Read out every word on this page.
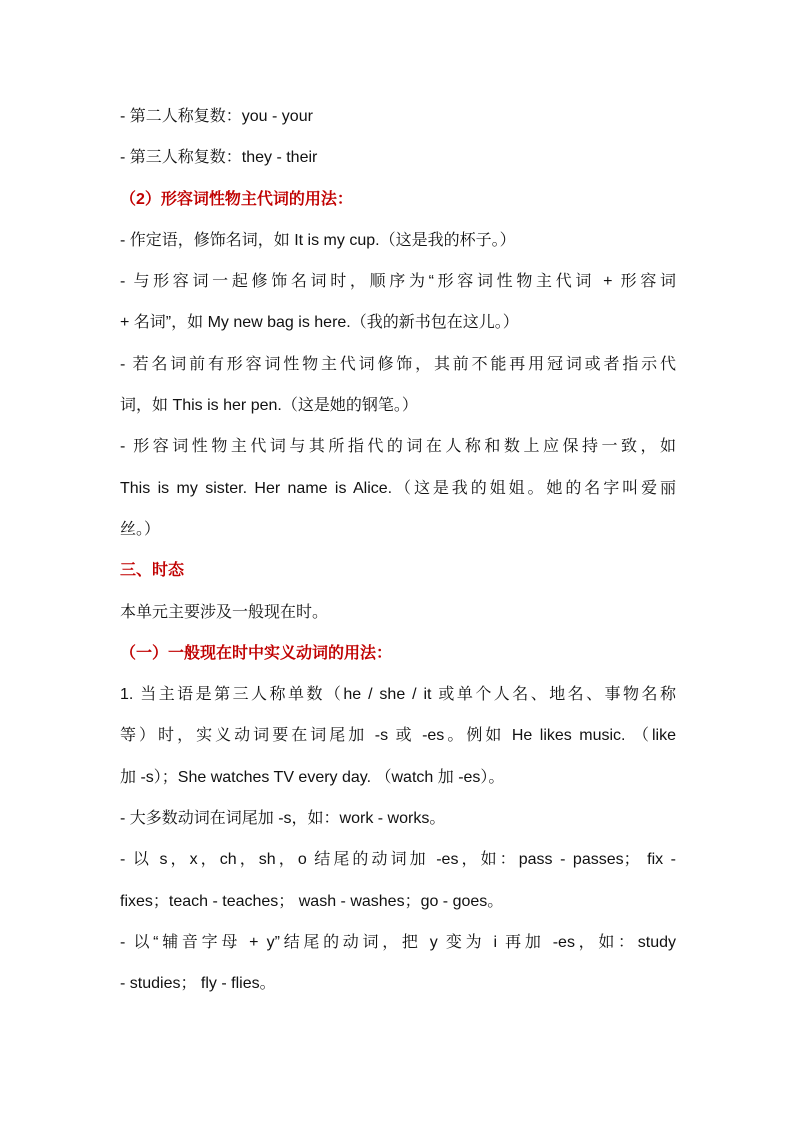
- 第二人称复数：you - your
- 第三人称复数：they - their
（2）形容词性物主代词的用法：
- 作定语，修饰名词，如 It is my cup.（这是我的杯子。）
- 与形容词一起修饰名词时，顺序为“形容词性物主代词 + 形容词
+ 名词”，如 My new bag is here.（我的新书包在这儿。）
- 若名词前有形容词性物主代词修饰，其前不能再用冠词或者指示代
词，如 This is her pen.（这是她的钢笔。）
- 形容词性物主代词与其所指代的词在人称和数上应保持一致，如
This is my sister. Her name is Alice.（这是我的姐姐。她的名字叫爱丽
丝。）
三、时态
本单元主要涉及一般现在时。
（一）一般现在时中实义动词的用法：
1. 当主语是第三人称单数（he / she / it 或单个人名、地名、事物名称
等）时，实义动词要在词尾加 -s 或 -es。例如 He likes music. （like
加 -s）；She watches TV every day. （watch 加 -es）。
- 大多数动词在词尾加 -s，如：work - works。
- 以 s，x，ch，sh，o 结尾的动词加 -es，如：pass - passes； fix -
fixes；teach - teaches； wash - washes；go - goes。
- 以“辅音字母 + y”结尾的动词，把 y 变为 i 再加 -es，如：study
- studies； fly - flies。
